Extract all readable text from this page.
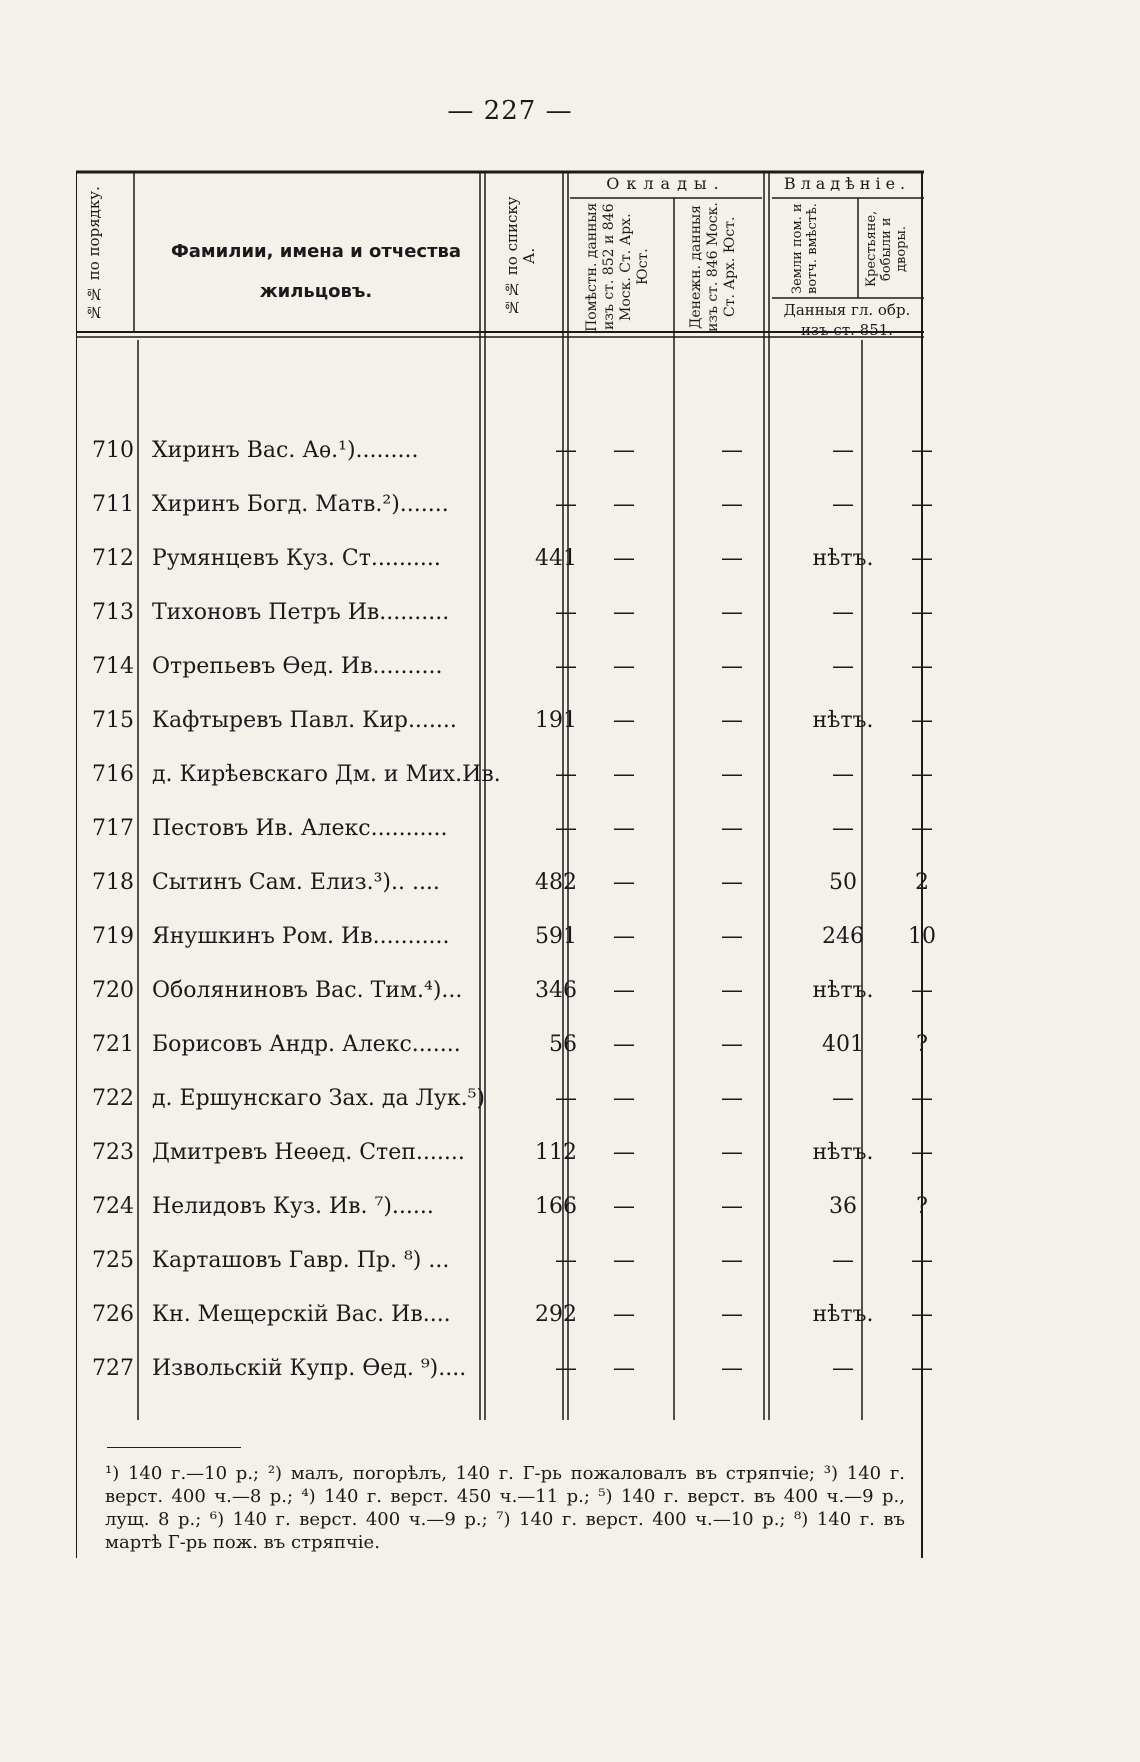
— 227 —
№№ по порядку.	Фамилии, имена и отчества
жильцовъ.	№№ по списку А.
Оклады.
Помѣстн. данныя изъ ст. 852 и 846 Моск. Ст. Арх. Юст.	Денежн. данныя изъ ст. 846 Моск. Ст. Арх. Юст.
Владѣніе.
Земли пом. и вотч. вмѣстѣ.	Крестьяне, бобыли и дворы.
Данныя гл. обр.
изъ ст. 851.
710 Хиринъ Вас. Аѳ.¹).........	—	—	—	—	—
711 Хиринъ Богд. Матв.²).......	—	—	—	—	—
712 Румянцевъ Куз. Ст..........	441	—	—	нѣтъ.	—
713 Тихоновъ Петръ Ив..........	—	—	—	—	—
714 Отрепьевъ Ѳед. Ив..........	—	—	—	—	—
715 Кафтыревъ Павл. Кир.......	191	—	—	нѣтъ.	—
716 д. Кирѣевскаго Дм. и Мих.Ив.	—	—	—	—	—
717 Пестовъ Ив. Алекс...........	—	—	—	—	—
718 Сытинъ Сам. Елиз.³).. ....	482	—	—	50	2
719 Янушкинъ Ром. Ив...........	591	—	—	246	10
720 Оболяниновъ Вас. Тим.⁴)...	346	—	—	нѣтъ.	—
721 Борисовъ Андр. Алекс.......	56	—	—	401	?
722 д. Ершунскаго Зах. да Лук.⁵)	—	—	—	—	—
723 Дмитревъ Неѳед. Степ.......	112	—	—	нѣтъ.	—
724 Нелидовъ Куз. Ив. ⁷)......	166	—	—	36	?
725 Карташовъ Гавр. Пр. ⁸) ...	—	—	—	—	—
726 Кн. Мещерскій Вас. Ив....	292	—	—	нѣтъ.	—
727 Извольскій Купр. Ѳед. ⁹)....	—	—	—	—	—
¹) 140 г.—10 р.; ²) малъ, погорѣлъ, 140 г. Г-рь пожаловалъ въ стряпчіе; ³) 140 г. верст. 400 ч.—8 р.; ⁴) 140 г. верст. 450 ч.—11 р.; ⁵) 140 г. верст. въ 400 ч.—9 р., лущ. 8 р.; ⁶) 140 г. верст. 400 ч.—9 р.; ⁷) 140 г. верст. 400 ч.—10 р.; ⁸) 140 г. въ мартѣ Г-рь пож. въ стряпчіе.
